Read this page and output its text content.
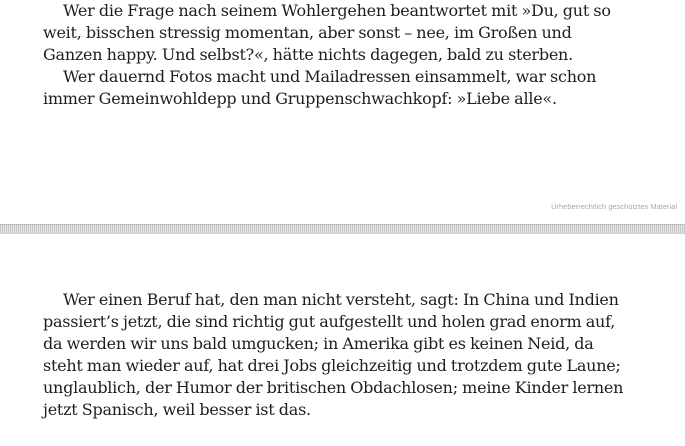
Wer die Frage nach seinem Wohlergehen beantwortet mit »Du, gut so
weit, bisschen stressig momentan, aber sonst – nee, im Großen und
Ganzen happy. Und selbst?«, hätte nichts dagegen, bald zu sterben.
Wer dauernd Fotos macht und Mailadressen einsammelt, war schon
immer Gemeinwohldepp und Gruppenschwachkopf: »Liebe alle«.
Urheberrechtlich geschütztes Material
Wer einen Beruf hat, den man nicht versteht, sagt: In China und Indien
passiert’s jetzt, die sind richtig gut aufgestellt und holen grad enorm auf,
da werden wir uns bald umgucken; in Amerika gibt es keinen Neid, da
steht man wieder auf, hat drei Jobs gleichzeitig und trotzdem gute Laune;
unglaublich, der Humor der britischen Obdachlosen; meine Kinder lernen
jetzt Spanisch, weil besser ist das.
